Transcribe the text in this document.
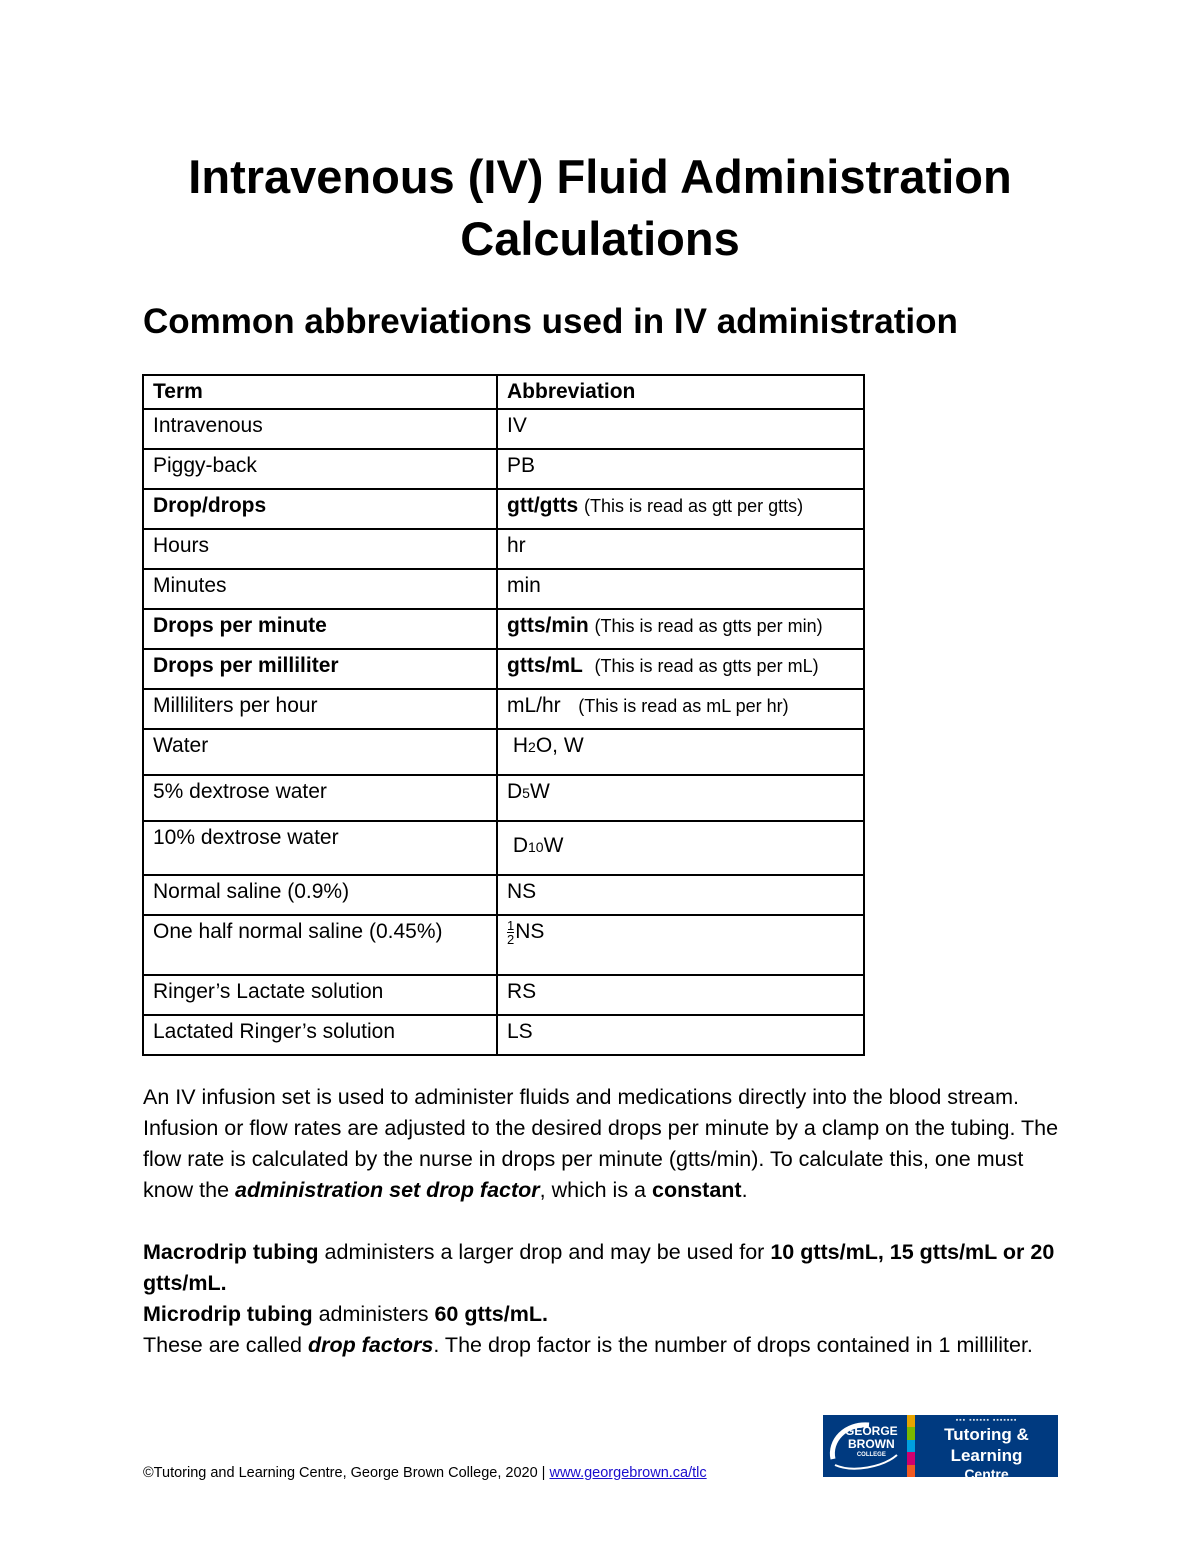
Intravenous (IV) Fluid Administration
Calculations
Common abbreviations used in IV administration
Term	Abbreviation
Intravenous	IV
Piggy-back	PB
Drop/drops	gtt/gtts (This is read as gtt per gtts)
Hours	hr
Minutes	min
Drops per minute	gtts/min (This is read as gtts per min)
Drops per milliliter	gtts/mL (This is read as gtts per mL)
Milliliters per hour	mL/hr (This is read as mL per hr)
Water	H2O, W
5% dextrose water	D5W
10% dextrose water	D10W
Normal saline (0.9%)	NS
One half normal saline (0.45%)	$\frac{1}{2}$ NS
Ringer’s Lactate solution	RS
Lactated Ringer’s solution	LS

An IV infusion set is used to administer fluids and medications directly into the blood stream. Infusion or flow rates are adjusted to the desired drops per minute by a clamp on the tubing. The flow rate is calculated by the nurse in drops per minute (gtts/min). To calculate this, one must know the administration set drop factor, which is a constant.

Macrodrip tubing administers a larger drop and may be used for 10 gtts/mL, 15 gtts/mL or 20 gtts/mL.

Microdrip tubing administers 60 gtts/mL.

These are called drop factors. The drop factor is the number of drops contained in 1 milliliter.

©Tutoring and Learning Centre, George Brown College, 2020 | www.georgebrown.ca/tlc
GEORGE
BROWN
COLLEGE
▪▪▪ ▪▪▪▪▪▪ ▪▪▪▪▪▪▪
Tutoring & Learning
Centre
